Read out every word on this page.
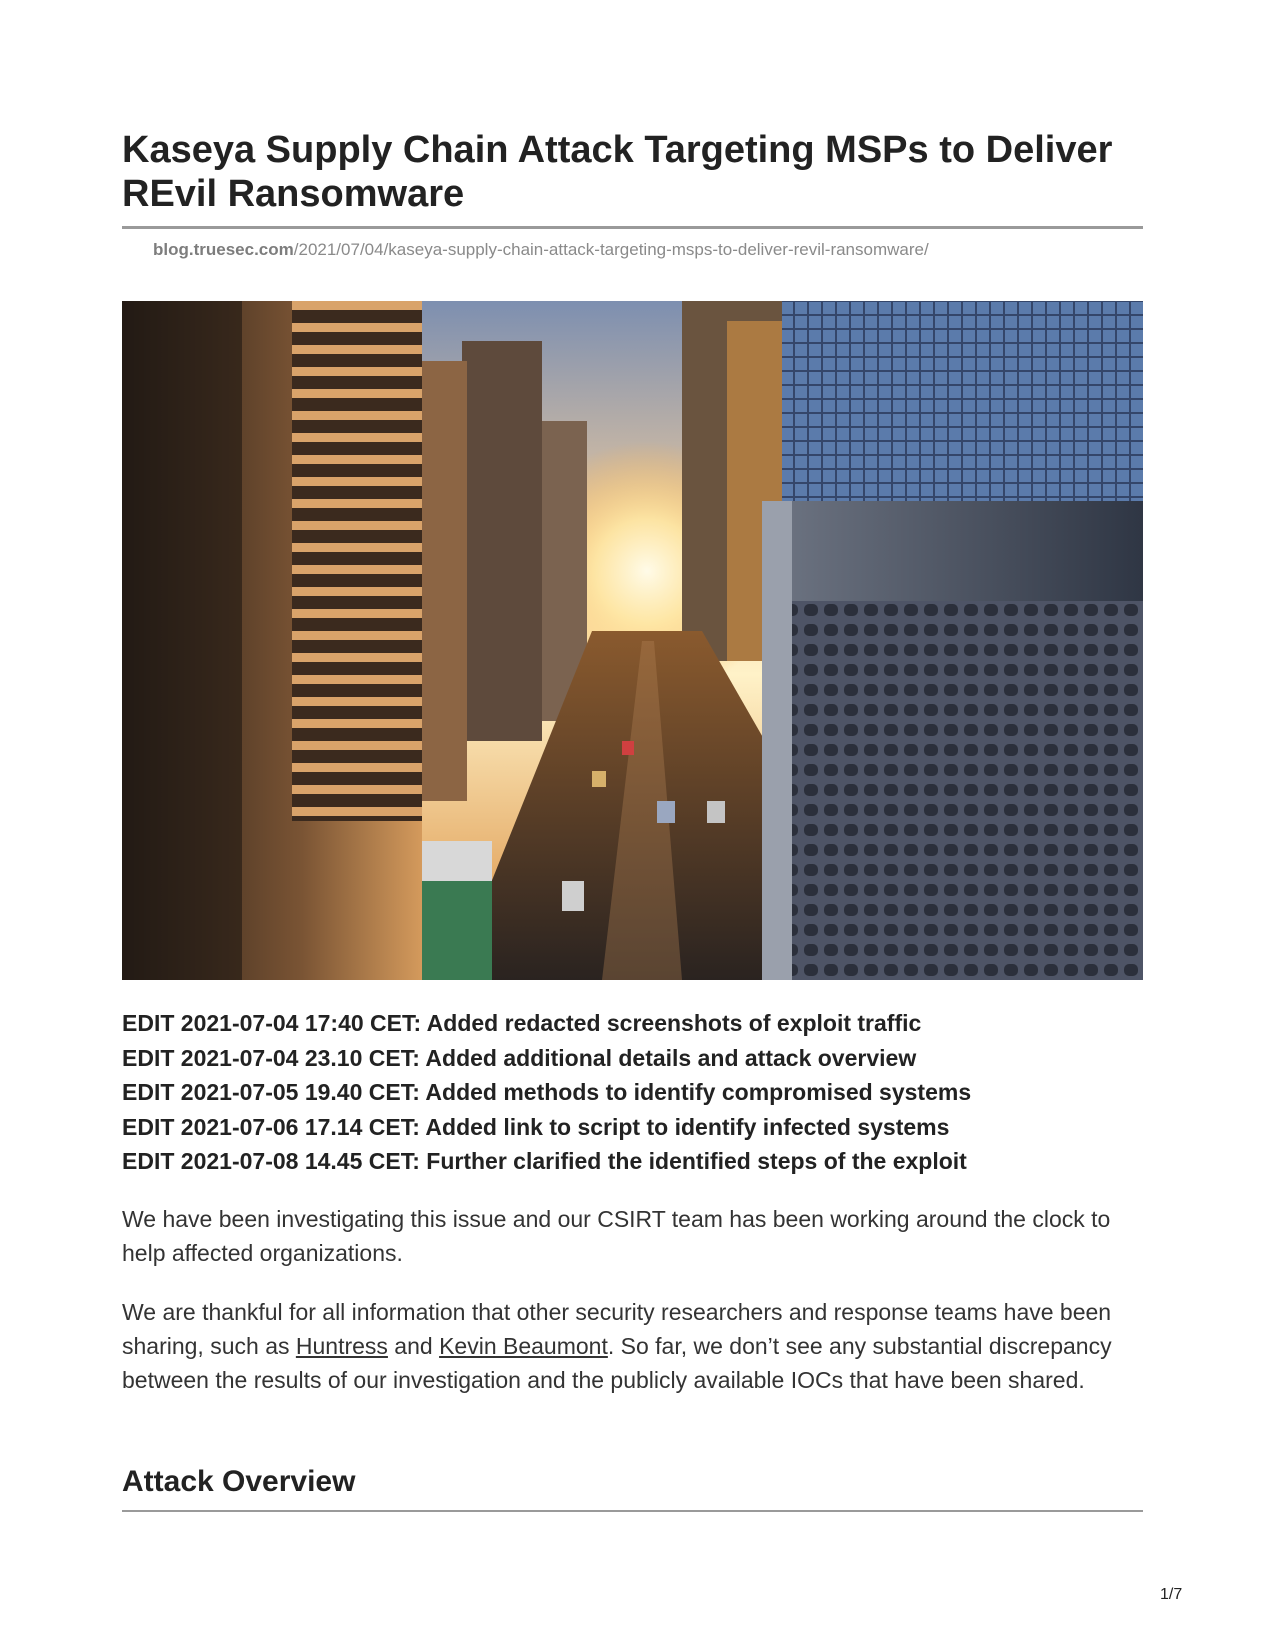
Kaseya Supply Chain Attack Targeting MSPs to Deliver REvil Ransomware
blog.truesec.com/2021/07/04/kaseya-supply-chain-attack-targeting-msps-to-deliver-revil-ransomware/
EDIT 2021-07-04 17:40 CET: Added redacted screenshots of exploit traffic
EDIT 2021-07-04 23.10 CET: Added additional details and attack overview
EDIT 2021-07-05 19.40 CET: Added methods to identify compromised systems
EDIT 2021-07-06 17.14 CET: Added link to script to identify infected systems
EDIT 2021-07-08 14.45 CET: Further clarified the identified steps of the exploit

We have been investigating this issue and our CSIRT team has been working around the clock to help affected organizations.

We are thankful for all information that other security researchers and response teams have been sharing, such as Huntress and Kevin Beaumont. So far, we don’t see any substantial discrepancy between the results of our investigation and the publicly available IOCs that have been shared.

Attack Overview
1/7
